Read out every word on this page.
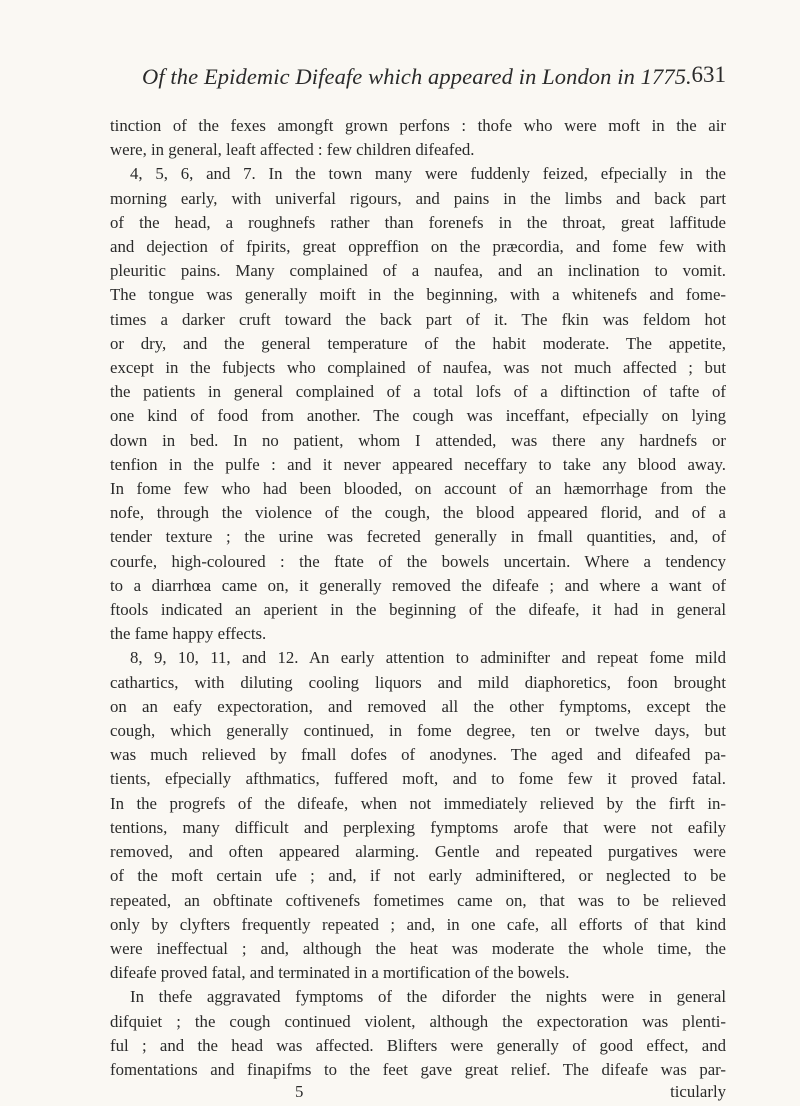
Of the Epidemic Difeafe which appeared in London in 1775. 631
tinction of the fexes amongft grown perfons : thofe who were moft in the air
were, in general, leaft affected : few children difeafed.
4, 5, 6, and 7. In the town many were fuddenly feized, efpecially in the
morning early, with univerfal rigours, and pains in the limbs and back part
of the head, a roughnefs rather than forenefs in the throat, great laffitude
and dejection of fpirits, great oppreffion on the præcordia, and fome few with
pleuritic pains. Many complained of a naufea, and an inclination to vomit.
The tongue was generally moift in the beginning, with a whitenefs and fome-
times a darker cruft toward the back part of it. The fkin was feldom hot
or dry, and the general temperature of the habit moderate. The appetite,
except in the fubjects who complained of naufea, was not much affected ; but
the patients in general complained of a total lofs of a diftinction of tafte of
one kind of food from another. The cough was inceffant, efpecially on lying
down in bed. In no patient, whom I attended, was there any hardnefs or
tenfion in the pulfe : and it never appeared neceffary to take any blood away.
In fome few who had been blooded, on account of an hæmorrhage from the
nofe, through the violence of the cough, the blood appeared florid, and of a
tender texture ; the urine was fecreted generally in fmall quantities, and, of
courfe, high-coloured : the ftate of the bowels uncertain. Where a tendency
to a diarrhœa came on, it generally removed the difeafe ; and where a want of
ftools indicated an aperient in the beginning of the difeafe, it had in general
the fame happy effects.
8, 9, 10, 11, and 12. An early attention to adminifter and repeat fome mild
cathartics, with diluting cooling liquors and mild diaphoretics, foon brought
on an eafy expectoration, and removed all the other fymptoms, except the
cough, which generally continued, in fome degree, ten or twelve days, but
was much relieved by fmall dofes of anodynes. The aged and difeafed pa-
tients, efpecially afthmatics, fuffered moft, and to fome few it proved fatal.
In the progrefs of the difeafe, when not immediately relieved by the firft in-
tentions, many difficult and perplexing fymptoms arofe that were not eafily
removed, and often appeared alarming. Gentle and repeated purgatives were
of the moft certain ufe ; and, if not early adminiftered, or neglected to be
repeated, an obftinate coftivenefs fometimes came on, that was to be relieved
only by clyfters frequently repeated ; and, in one cafe, all efforts of that kind
were ineffectual ; and, although the heat was moderate the whole time, the
difeafe proved fatal, and terminated in a mortification of the bowels.
In thefe aggravated fymptoms of the diforder the nights were in general
difquiet ; the cough continued violent, although the expectoration was plenti-
ful ; and the head was affected. Blifters were generally of good effect, and
fomentations and finapifms to the feet gave great relief. The difeafe was par-
5	ticularly
